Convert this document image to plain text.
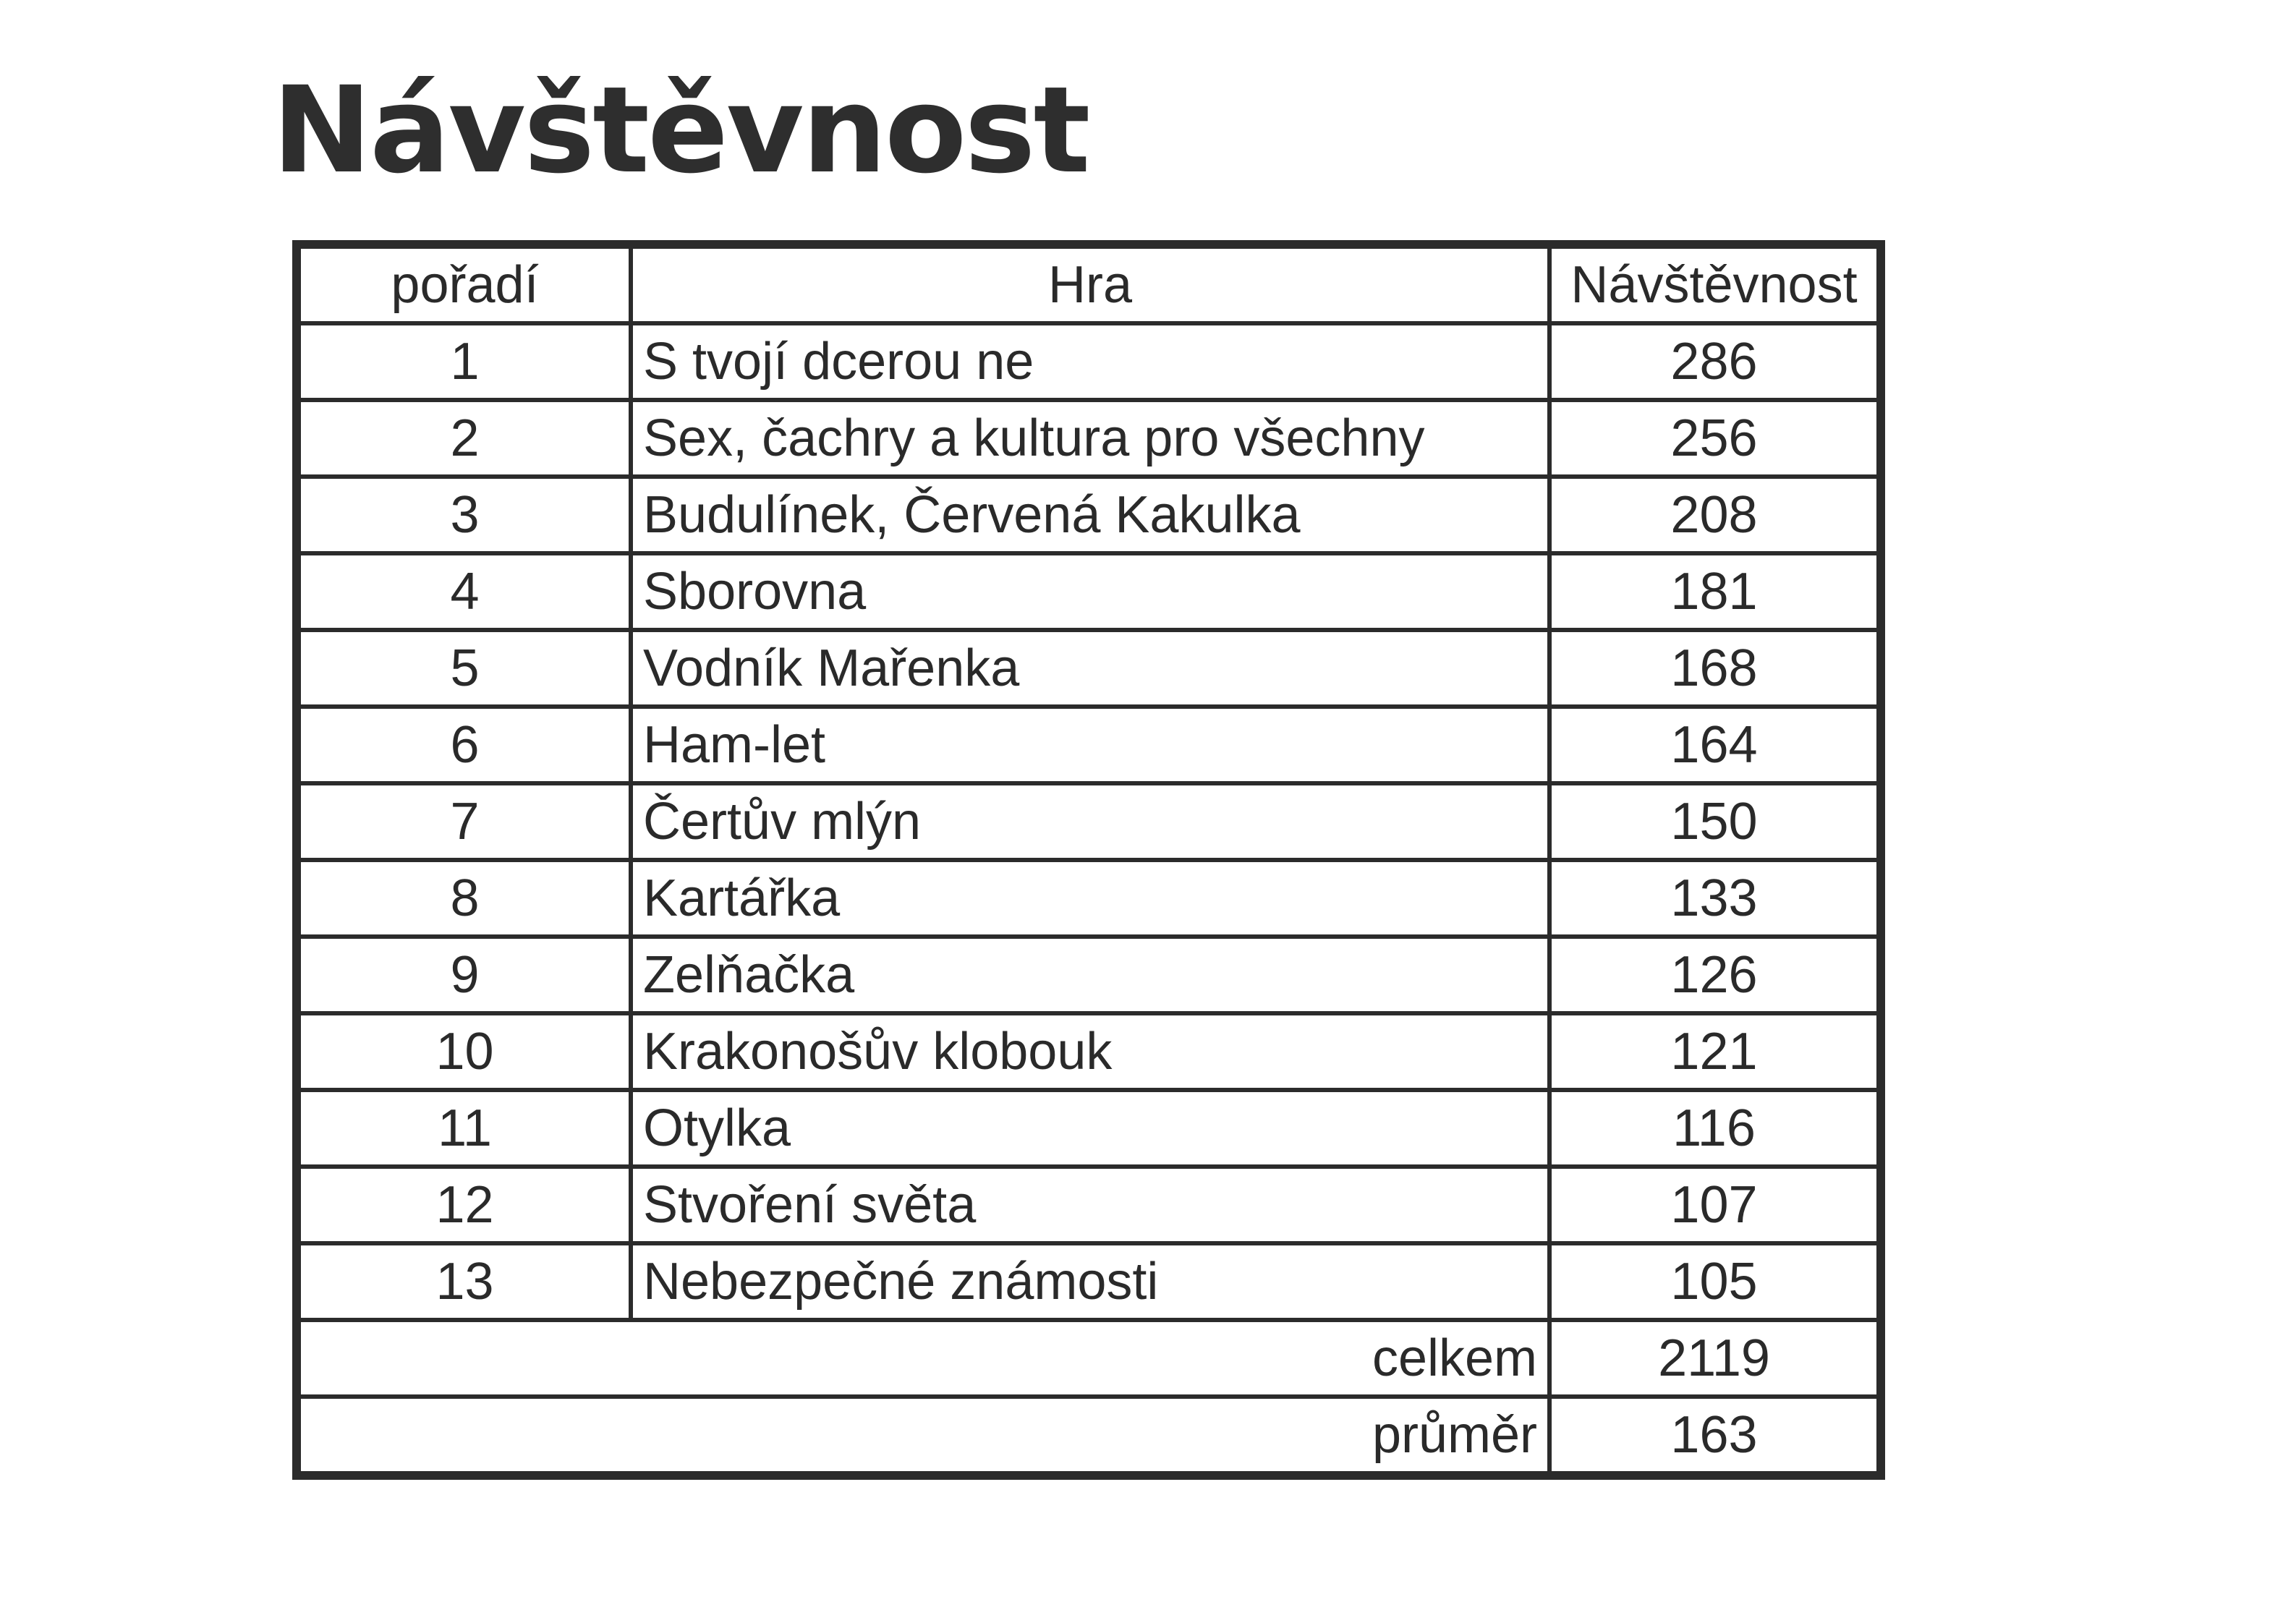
Návštěvnost
pořadí	Hra	Návštěvnost
1	S tvojí dcerou ne	286
2	Sex, čachry a kultura pro všechny	256
3	Budulínek, Červená Kakulka	208
4	Sborovna	181
5	Vodník Mařenka	168
6	Ham-let	164
7	Čertův mlýn	150
8	Kartářka	133
9	Zelňačka	126
10	Krakonošův klobouk	121
11	Otylka	116
12	Stvoření světa	107
13	Nebezpečné známosti	105
celkem		2119
průměr		163
